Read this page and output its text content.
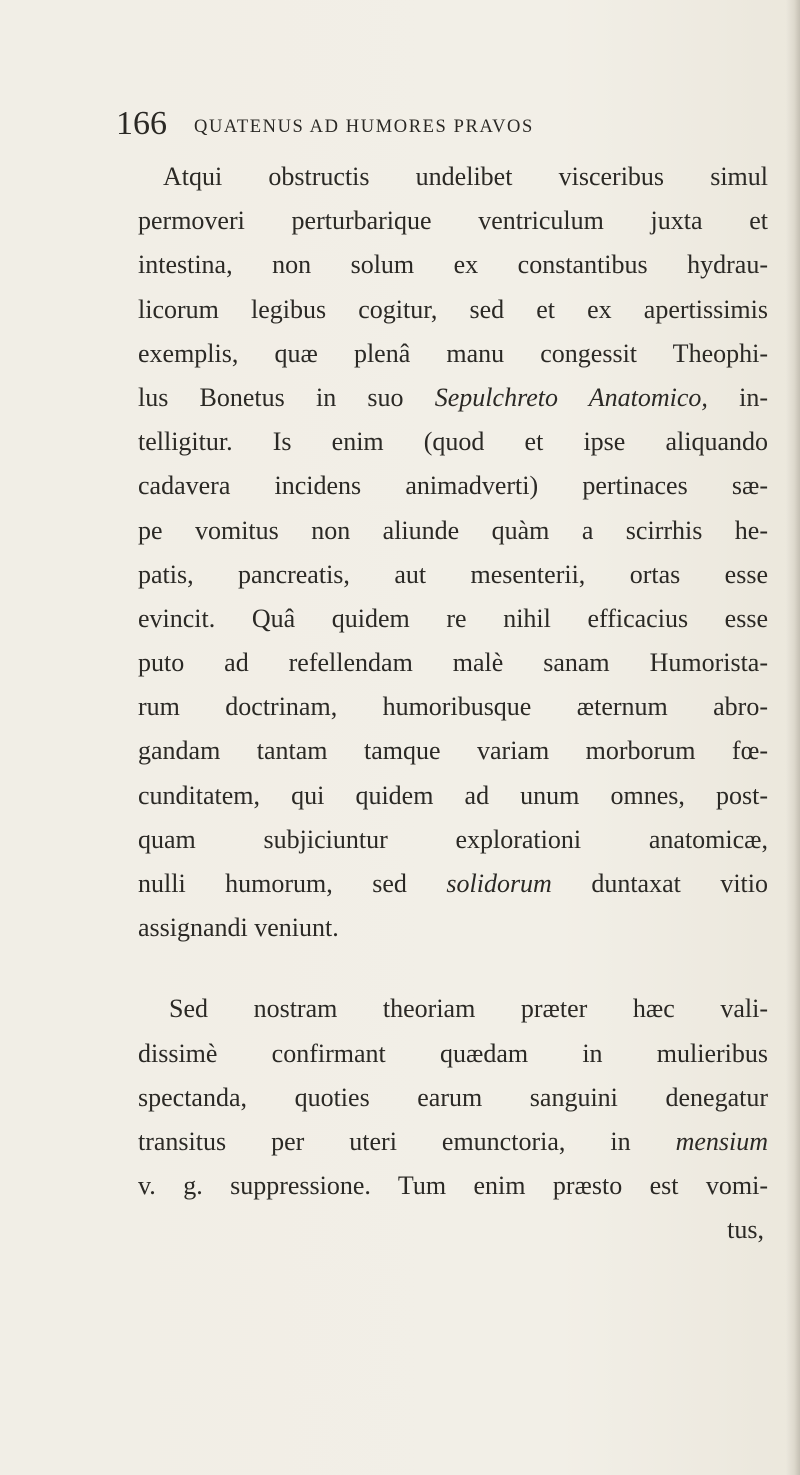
166 QUATENUS AD HUMORES PRAVOS
Atqui obstructis undelibet visceribus simul
permoveri perturbarique ventriculum juxta et
intestina, non solum ex constantibus hydrau-
licorum legibus cogitur, sed et ex apertissimis
exemplis, quæ plenâ manu congessit Theophi-
lus Bonetus in suo Sepulchreto Anatomico, in-
telligitur. Is enim (quod et ipse aliquando
cadavera incidens animadverti) pertinaces sæ-
pe vomitus non aliunde quàm a scirrhis he-
patis, pancreatis, aut mesenterii, ortas esse
evincit. Quâ quidem re nihil efficacius esse
puto ad refellendam malè sanam Humorista-
rum doctrinam, humoribusque æternum abro-
gandam tantam tamque variam morborum fœ-
cunditatem, qui quidem ad unum omnes, post-
quam subjiciuntur explorationi anatomicæ,
nulli humorum, sed solidorum duntaxat vitio
assignandi veniunt.
Sed nostram theoriam præter hæc vali-
dissimè confirmant quædam in mulieribus
spectanda, quoties earum sanguini denegatur
transitus per uteri emunctoria, in mensium
v. g. suppressione. Tum enim præsto est vomi-
tus,
